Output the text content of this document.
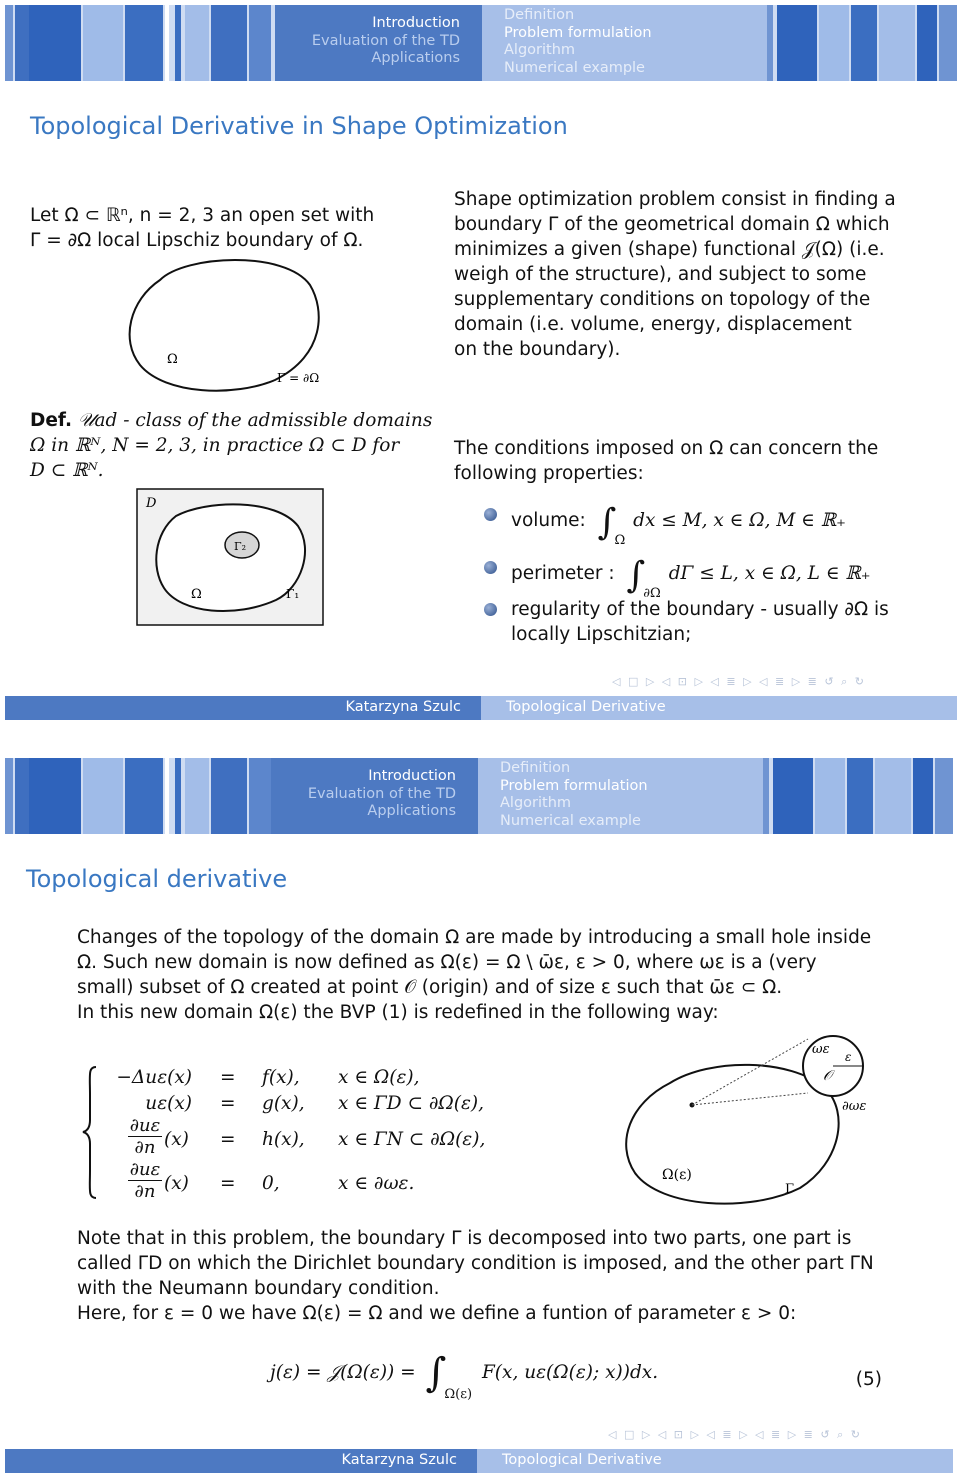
Introduction
Evaluation of the TD
Applications
Definition
Problem formulation
Algorithm
Numerical example
Topological Derivative in Shape Optimization
Let Ω ⊂ ℝⁿ, n = 2, 3 an open set with
Γ = ∂Ω local Lipschiz boundary of Ω.
Ω
Γ = ∂Ω
Def. 𝒰ad - class of the admissible domains
Ω in ℝᴺ, N = 2, 3, in practice Ω ⊂ D for
D ⊂ ℝᴺ.
D
Γ₂
Ω	Γ₁
Shape optimization problem consist in finding a
boundary Γ of the geometrical domain Ω which
minimizes a given (shape) functional 𝒥(Ω) (i.e.
weigh of the structure), and subject to some
supplementary conditions on topology of the
domain (i.e. volume, energy, displacement
on the boundary).
The conditions imposed on Ω can concern the
following properties:
volume: $\int_\Omega$ dx ≤ M, x ∈ Ω, M ∈ ℝ₊
perimeter : $\int_{\partial\Omega}$ dΓ ≤ L, x ∈ Ω, L ∈ ℝ₊
regularity of the boundary - usually ∂Ω is
locally Lipschitzian;
◁ □ ▷ ◁ ⊡ ▷ ◁ ≣ ▷ ◁ ≣ ▷ ≣ ↺ ⌕ ↻
Katarzyna Szulc	Topological Derivative
Introduction
Evaluation of the TD
Applications
Definition
Problem formulation
Algorithm
Numerical example
Topological derivative
Changes of the topology of the domain Ω are made by introducing a small hole inside
Ω. Such new domain is now defined as Ω(ε) = Ω \ ω̄ε, ε > 0, where ωε is a (very
small) subset of Ω created at point 𝒪 (origin) and of size ε such that ω̄ε ⊂ Ω.
In this new domain Ω(ε) the BVP (1) is redefined in the following way:
−Δuε(x) = f(x), x ∈ Ω(ε),
uε(x) = g(x), x ∈ ΓD ⊂ ∂Ω(ε),
∂uε
∂n (x) = h(x), x ∈ ΓN ⊂ ∂Ω(ε),
∂uε
∂n (x) = 0,	x ∈ ∂ωε.
ωε ε
𝒪
∂ωε
Ω(ε)
Γ
Note that in this problem, the boundary Γ is decomposed into two parts, one part is
called ΓD on which the Dirichlet boundary condition is imposed, and the other part ΓN
with the Neumann boundary condition.
Here, for ε = 0 we have Ω(ε) = Ω and we define a funtion of parameter ε > 0:
j(ε) = 𝒥(Ω(ε)) = $\int_{\Omega(\varepsilon)}$ F(x, uε(Ω(ε); x))dx.	(5)
◁ □ ▷ ◁ ⊡ ▷ ◁ ≣ ▷ ◁ ≣ ▷ ≣ ↺ ⌕ ↻
Katarzyna Szulc	Topological Derivative
